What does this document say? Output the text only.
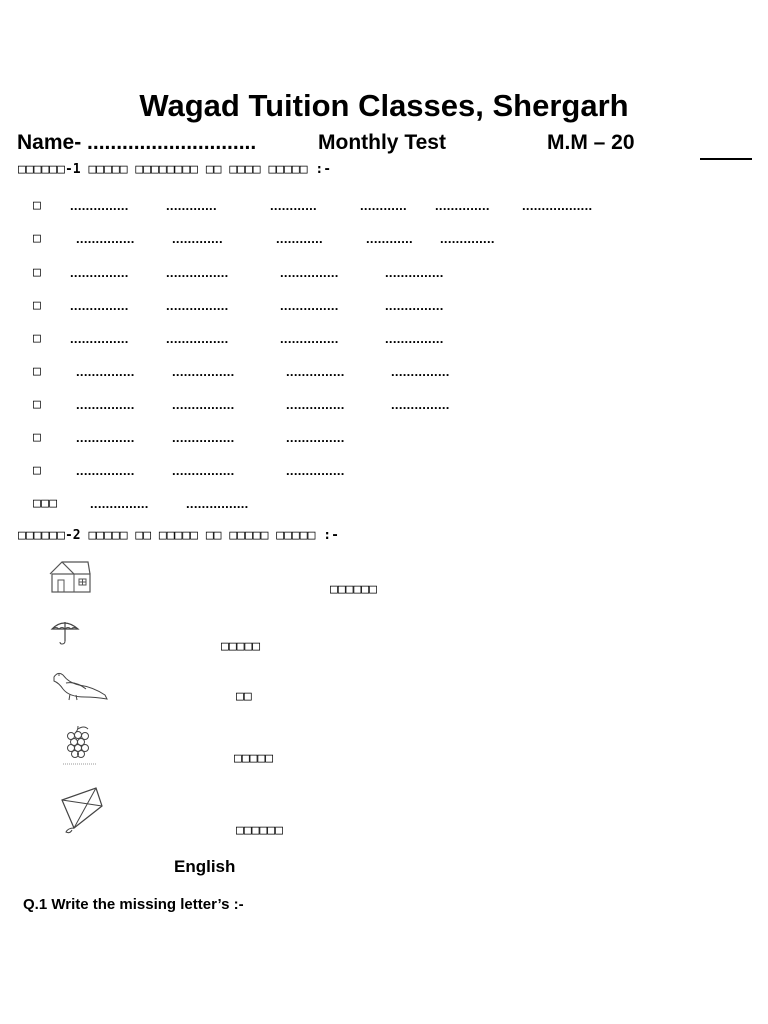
Wagad Tuition Classes, Shergarh
Name- .............................	Monthly Test	M.M – 20
□□□□□□-1 □□□□□ □□□□□□□□ □□ □□□□ □□□□□ :-
□ ...............	.............	............	............ .............. ..................
□	...............	.............	............	............ ..............
□ ...............	................	...............	...............
□ ...............	................	...............	...............
□ ...............	................	...............	...............
□	...............	................	...............	...............
□	...............	................	...............	...............
□	...............	................	...............
□	...............	................	...............
□□□	...............	................
□□□□□□-2 □□□□□ □□ □□□□□ □□ □□□□□ □□□□□ :-
□□□□□□
□□□□□
□□
□□□□□
□□□□□□
English
Q.1 Write the missing letter’s :-
